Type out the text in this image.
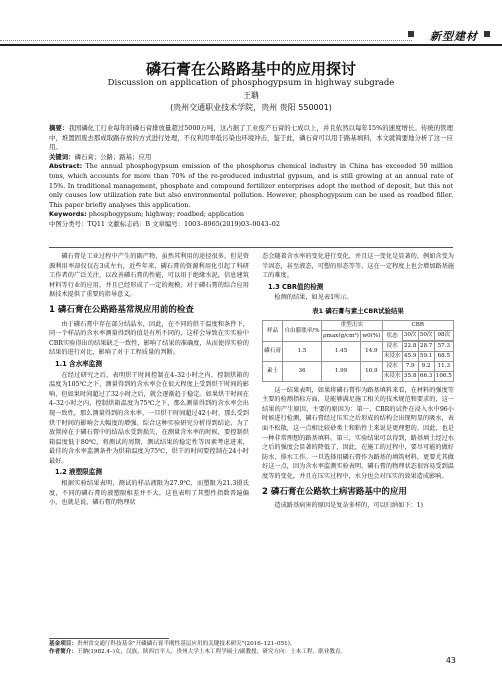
新型建材
磷石膏在公路路基中的应用探讨
Discussion on application of phosphogypsum in highway subgrade
王聃
(贵州交通职业技术学院，贵州 贵阳 550001)

摘要：我国磷化工行业每年的磷石膏排放量超过5000万吨，这占据了工业废产石膏的七成以上，并且依然以每年15%的速度增长。传统的管理中，堆置固废去那成取路存放的方式进行处理，不仅利用率低污染也环境冲击，鉴于此，磷石膏可以用于路基填料，本文就简要地分析了这一应用。

关键词：磷石膏；公路；路基；应用

Abstract: The annual phosphogypsum emission of the phosphorus chemical industry in China has exceeded 50 million tons, which accounts for more than 70% of the re-produced industrial gypsum, and is still growing at an annual rate of 15%. In traditional management, phosphate and compound fertilizer enterprises adopt the method of deposit, but this not only causes low utilization rate but also environmental pollution. However, phosphogypsum can be used as roadbed filler. This paper briefly analyses this application.

Keywords: phosphogypsum; highway; roadbed; application

中图分类号：TQ11 文献标志码：B 文章编号：1003–8965(2019)03–0043–02

磷石膏是工业过程中产生的副产物，虽然其利用的途径很多，但是资源利用率却仅仅在3成左右，近些年来，磷石膏的资源利用化引起了科研工作者的广泛关注，以改善磷石膏的性能，可以用于绝缘水泥，信息建筑材料等行业的应用，并且已经形成了一定的规模，对于磷石膏的综合应用据技术提供了重要的指导意义。

1 磷石膏在公路路基常规应用前的检查

由于磷石膏中存在部分结晶水，因此，在不同的烘干温度和条件下，同一个样品的含水率测量得到的值是有所不同的，这样会导致在实实验中CBR实验得出的结果缺乏一致性，影响了结果的准确度，从而使得实验的结果的进行对比，影响了对于工程质量的判断。

1.1 含水率监测

在经过研究之后，表明烘干时间控制在4–32小时之内，控制烘箱的温度为105℃之下，测量得到的含水率会在很大程度上受到烘干时间的影响，但如果时间超过了32小时之后，就会逐渐趋于稳定。如果烘干时间在4–32小时之内，控制烘箱温度为75℃之下，那么测量得到的含水率会出现一致性，那么测量得到的含水率，一旦烘干时间超过42小时，那么受到烘干时间的影响会大幅度的增强。综合这种实验研究分析得到结论，为了放置掉在于磷石膏中的结晶水受到损失，在测量含水率的时候，要控制烘箱温度低于80℃，将测试的周期，测试结果的稳定性等因素考虑进来，最佳的含水率监测条件为烘箱温度为75℃，烘干的时间要控制在24小时最好。

1.2 液塑限监测

根据实验结果表明，测试的样品液限为27.9℃，而塑限为21.3摄氏度，不同的磷石膏的液塑限相差并不大，这也表明了其塑性指数普遍偏小，也就是说，磷石膏的物理状

态会随着含水率的变化进行变化，并且这一变化是显著的，例如含变为半固态，甚至液态，可塑的形态等等，这在一定程度上也会增加路基施工的难度。

1.3 CBR值的检测

检测的结果，如见表1所示。

表1 磷石膏与素土CBR试验结果
样品	自由膨胀率/%	重型击实		CBR			
		ρmax(g/cm³)	w0(%)	状态	30次	50次	98次

磷石膏	1.5	1.45	14.9	浸水	22.8	28.7	57.3
				未浸水	45.9	59.1	68.5
素土	36	1.99	10.9	浸水	7.9	9.2	11.3
				未浸水	35.8	66.3	106.5

这一结果表明，如果将磷石膏作为路基填料来看，在材料的强度等主要的检测指标方面，是能够满足施工相关的技术规范和要求的，这一结果的产生原因，主要的原因为：第一，CBR的试件在浸入水中96小时候进行检测，磷石膏经过压实之后形成的结构会出现明显的吸水，表面不松散，这一点相比较砂类土和粘性土来说是更理想的，因此，也是一种非常理想的路基填料。第三，实验结果可以得到，路基填土经过水之后的强度会显著的降低了，因此，在施工的过程中，要尽可能的做好防水、排水工作。一旦选择用磷石膏作为路基的填筑材料，更要尤其做好这一点，因为含水率监测实验表明，磷石膏的物理状态很容易受到温度等的变化，并且在压实过程中，水分也会对压实的效果造成影响。

2 磷石膏在公路软土病害路基中的应用

造成路基病害的原因是复杂多样的，可以归纳如下：1)

基金项目：贵州省交通厅科技基金"开磷磷石膏半刚性基层应用的关键技术研究"(2016–121–051)。
作者简介：王聃(1982.4–)女，汉族，陕西宜平人，贵州大学土木工程学硕士/副教授，研究方向：土木工程，职业教育。
43
